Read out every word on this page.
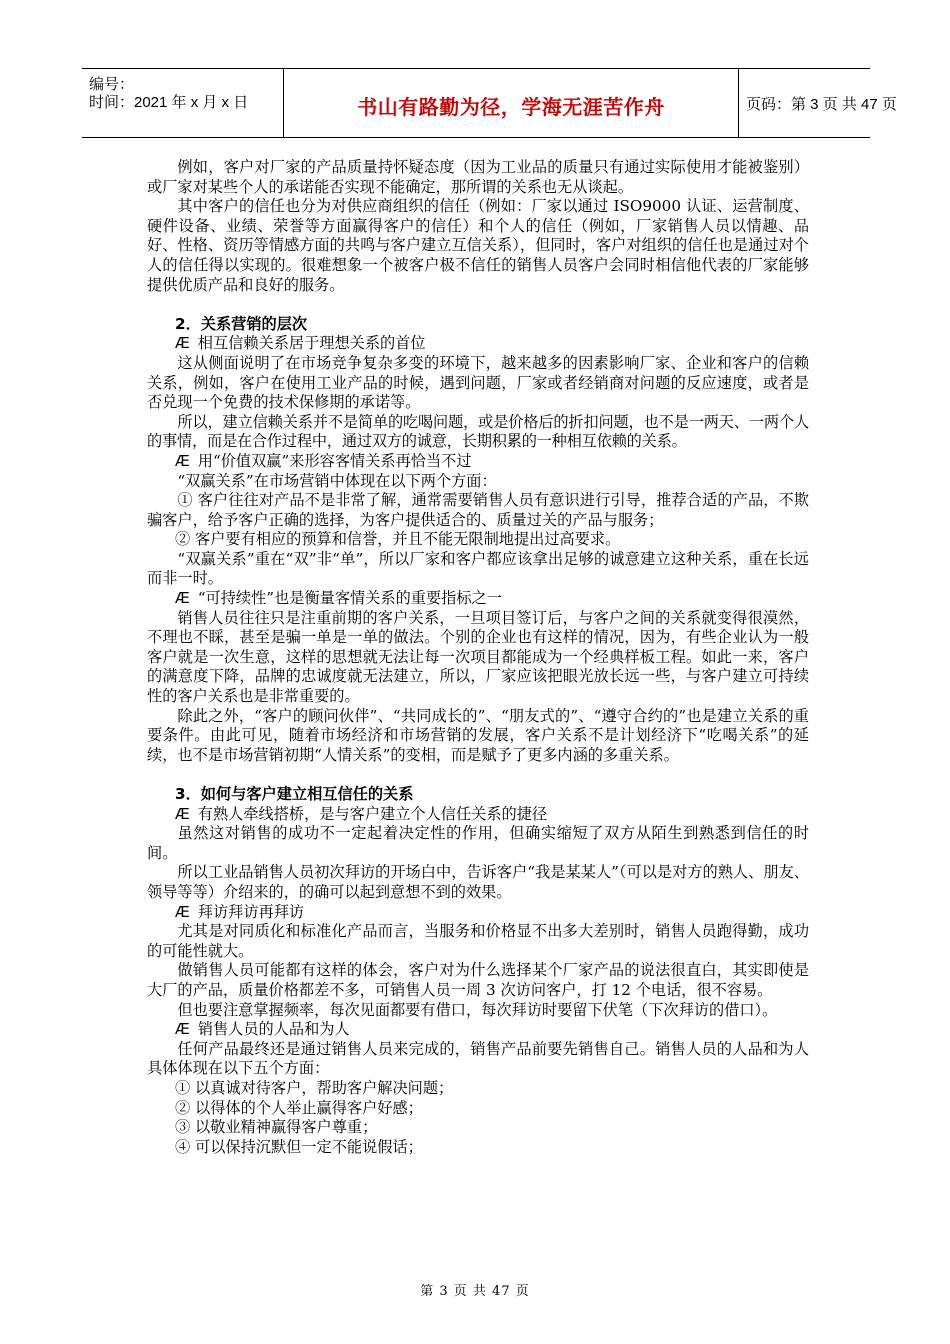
编号：
时间：2021 年 x 月 x 日	书山有路勤为径，学海无涯苦作舟	页码：第 3 页 共 47 页

例如，客户对厂家的产品质量持怀疑态度（因为工业品的质量只有通过实际使用才能被鉴别）或厂家对某些个人的承诺能否实现不能确定，那所谓的关系也无从谈起。

其中客户的信任也分为对供应商组织的信任（例如：厂家以通过 ISO9000 认证、运营制度、硬件设备、业绩、荣誉等方面赢得客户的信任）和个人的信任（例如，厂家销售人员以情趣、品好、性格、资历等情感方面的共鸣与客户建立互信关系），但同时，客户对组织的信任也是通过对个人的信任得以实现的。很难想象一个被客户极不信任的销售人员客户会同时相信他代表的厂家能够提供优质产品和良好的服务。

2．关系营销的层次

Æ 相互信赖关系居于理想关系的首位

这从侧面说明了在市场竞争复杂多变的环境下，越来越多的因素影响厂家、企业和客户的信赖关系，例如，客户在使用工业产品的时候，遇到问题，厂家或者经销商对问题的反应速度，或者是否兑现一个免费的技术保修期的承诺等。

所以，建立信赖关系并不是简单的吃喝问题，或是价格后的折扣问题，也不是一两天、一两个人的事情，而是在合作过程中，通过双方的诚意，长期积累的一种相互依赖的关系。

Æ 用“价值双赢”来形容客情关系再恰当不过

“双赢关系”在市场营销中体现在以下两个方面：

① 客户往往对产品不是非常了解，通常需要销售人员有意识进行引导，推荐合适的产品，不欺骗客户，给予客户正确的选择，为客户提供适合的、质量过关的产品与服务；

② 客户要有相应的预算和信誉，并且不能无限制地提出过高要求。

“双赢关系”重在“双”非“单”，所以厂家和客户都应该拿出足够的诚意建立这种关系，重在长远而非一时。

Æ “可持续性”也是衡量客情关系的重要指标之一

销售人员往往只是注重前期的客户关系，一旦项目签订后，与客户之间的关系就变得很漠然，不理也不睬，甚至是骗一单是一单的做法。个别的企业也有这样的情况，因为，有些企业认为一般客户就是一次生意，这样的思想就无法让每一次项目都能成为一个经典样板工程。如此一来，客户的满意度下降，品牌的忠诚度就无法建立，所以，厂家应该把眼光放长远一些，与客户建立可持续性的客户关系也是非常重要的。

除此之外，“客户的顾问伙伴”、“共同成长的”、“朋友式的”、“遵守合约的”也是建立关系的重要条件。由此可见，随着市场经济和市场营销的发展，客户关系不是计划经济下“吃喝关系”的延续，也不是市场营销初期“人情关系”的变相，而是赋予了更多内涵的多重关系。

3．如何与客户建立相互信任的关系

Æ 有熟人牵线搭桥，是与客户建立个人信任关系的捷径

虽然这对销售的成功不一定起着决定性的作用，但确实缩短了双方从陌生到熟悉到信任的时间。

所以工业品销售人员初次拜访的开场白中，告诉客户“我是某某人”（可以是对方的熟人、朋友、领导等等）介绍来的，的确可以起到意想不到的效果。

Æ 拜访拜访再拜访

尤其是对同质化和标准化产品而言，当服务和价格显不出多大差别时，销售人员跑得勤，成功的可能性就大。

做销售人员可能都有这样的体会，客户对为什么选择某个厂家产品的说法很直白，其实即使是大厂的产品，质量价格都差不多，可销售人员一周 3 次访问客户，打 12 个电话，很不容易。

但也要注意掌握频率，每次见面都要有借口，每次拜访时要留下伏笔（下次拜访的借口）。

Æ 销售人员的人品和为人

任何产品最终还是通过销售人员来完成的，销售产品前要先销售自己。销售人员的人品和为人具体体现在以下五个方面：

① 以真诚对待客户，帮助客户解决问题；

② 以得体的个人举止赢得客户好感；

③ 以敬业精神赢得客户尊重；

④ 可以保持沉默但一定不能说假话；

第 3 页 共 47 页
